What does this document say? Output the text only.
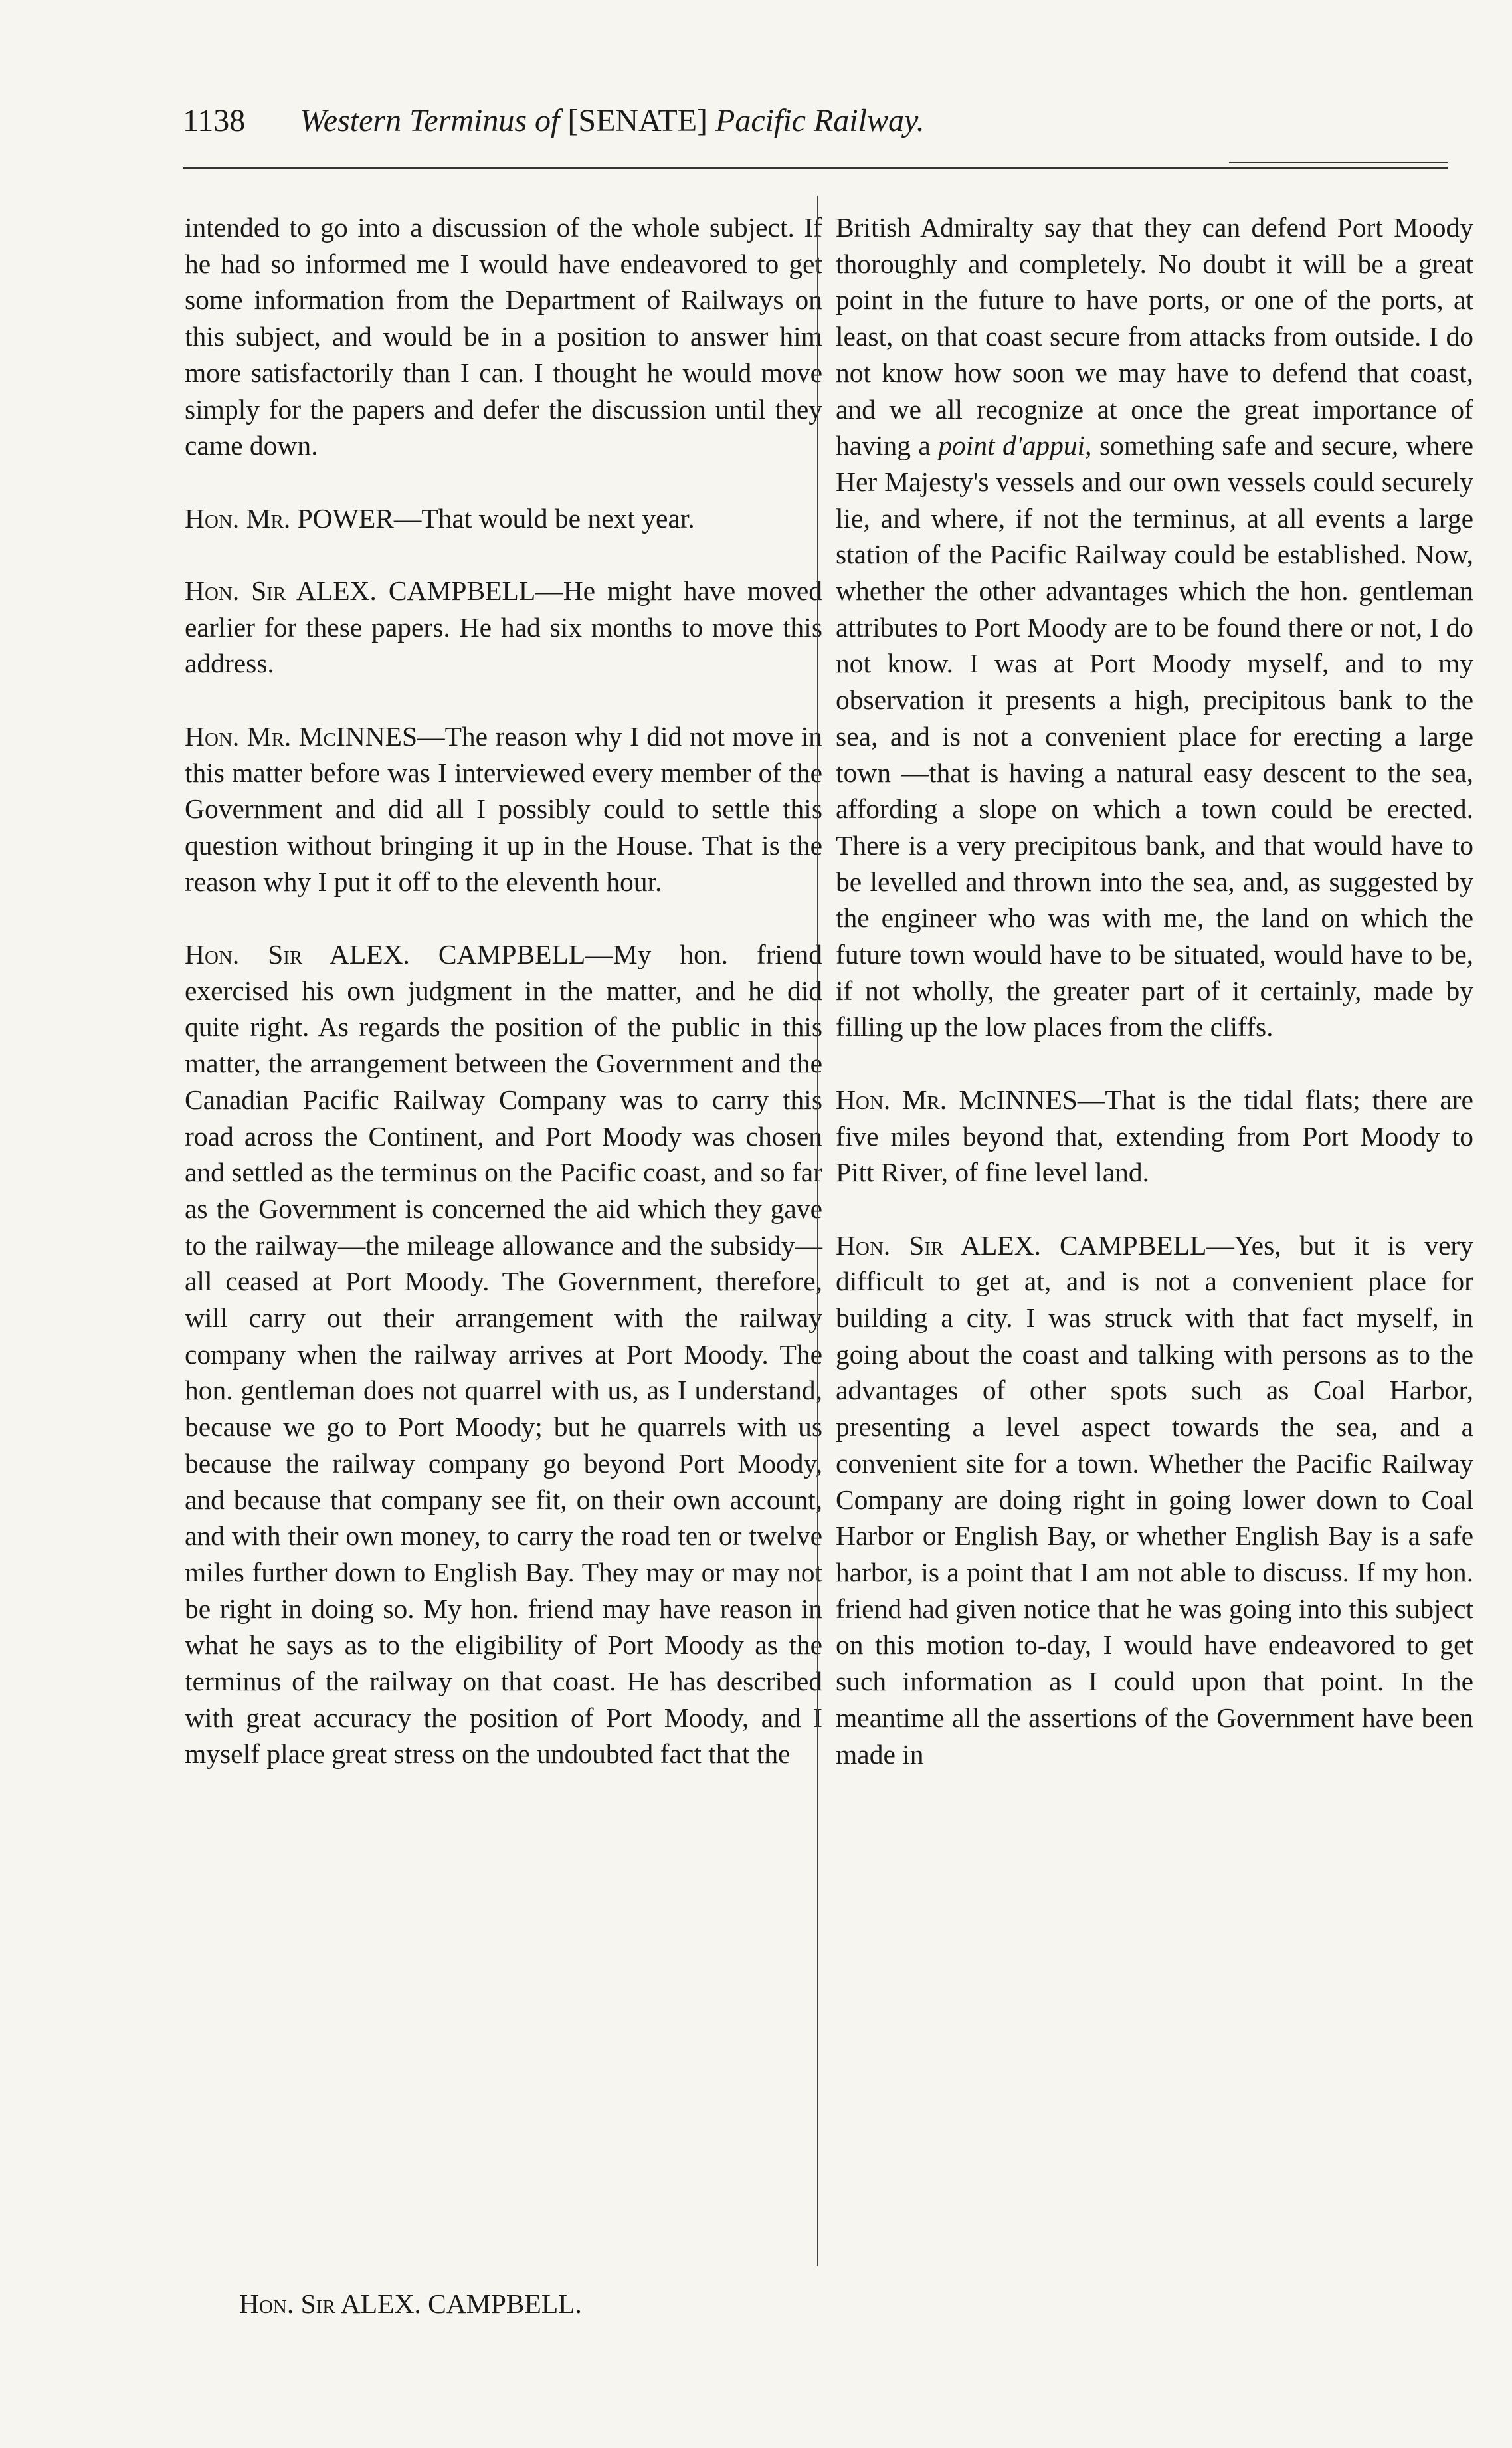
1138 Western Terminus of [SENATE] Pacific Railway.

intended to go into a discussion of the whole subject. If he had so informed me I would have endeavored to get some information from the Department of Railways on this subject, and would be in a position to answer him more satisfactorily than I can. I thought he would move simply for the papers and defer the discussion until they came down.

Hon. Mr. POWER—That would be next year.

Hon. Sir ALEX. CAMPBELL—He might have moved earlier for these papers. He had six months to move this address.

Hon. Mr. McINNES—The reason why I did not move in this matter before was I interviewed every member of the Government and did all I possibly could to settle this question without bringing it up in the House. That is the reason why I put it off to the eleventh hour.

Hon. Sir ALEX. CAMPBELL—My hon. friend exercised his own judgment in the matter, and he did quite right. As regards the position of the public in this matter, the arrangement between the Government and the Canadian Pacific Railway Company was to carry this road across the Continent, and Port Moody was chosen and settled as the terminus on the Pacific coast, and so far as the Government is concerned the aid which they gave to the railway—the mileage allowance and the subsidy—all ceased at Port Moody. The Government, therefore, will carry out their arrangement with the railway company when the railway arrives at Port Moody. The hon. gentleman does not quarrel with us, as I understand, because we go to Port Moody; but he quarrels with us because the railway company go beyond Port Moody, and because that company see fit, on their own account, and with their own money, to carry the road ten or twelve miles further down to English Bay. They may or may not be right in doing so. My hon. friend may have reason in what he says as to the eligibility of Port Moody as the terminus of the railway on that coast. He has described with great accuracy the position of Port Moody, and I myself place great stress on the undoubted fact that the

British Admiralty say that they can defend Port Moody thoroughly and completely. No doubt it will be a great point in the future to have ports, or one of the ports, at least, on that coast secure from attacks from outside. I do not know how soon we may have to defend that coast, and we all recognize at once the great importance of having a point d'appui, something safe and secure, where Her Majesty's vessels and our own vessels could securely lie, and where, if not the terminus, at all events a large station of the Pacific Railway could be established. Now, whether the other advantages which the hon. gentleman attributes to Port Moody are to be found there or not, I do not know. I was at Port Moody myself, and to my observation it presents a high, precipitous bank to the sea, and is not a convenient place for erecting a large town —that is having a natural easy descent to the sea, affording a slope on which a town could be erected. There is a very precipitous bank, and that would have to be levelled and thrown into the sea, and, as suggested by the engineer who was with me, the land on which the future town would have to be situated, would have to be, if not wholly, the greater part of it certainly, made by filling up the low places from the cliffs.

Hon. Mr. McINNES—That is the tidal flats; there are five miles beyond that, extending from Port Moody to Pitt River, of fine level land.

Hon. Sir ALEX. CAMPBELL—Yes, but it is very difficult to get at, and is not a convenient place for building a city. I was struck with that fact myself, in going about the coast and talking with persons as to the advantages of other spots such as Coal Harbor, presenting a level aspect towards the sea, and a convenient site for a town. Whether the Pacific Railway Company are doing right in going lower down to Coal Harbor or English Bay, or whether English Bay is a safe harbor, is a point that I am not able to discuss. If my hon. friend had given notice that he was going into this subject on this motion to-day, I would have endeavored to get such information as I could upon that point. In the meantime all the assertions of the Government have been made in

Hon. Sir ALEX. CAMPBELL.
